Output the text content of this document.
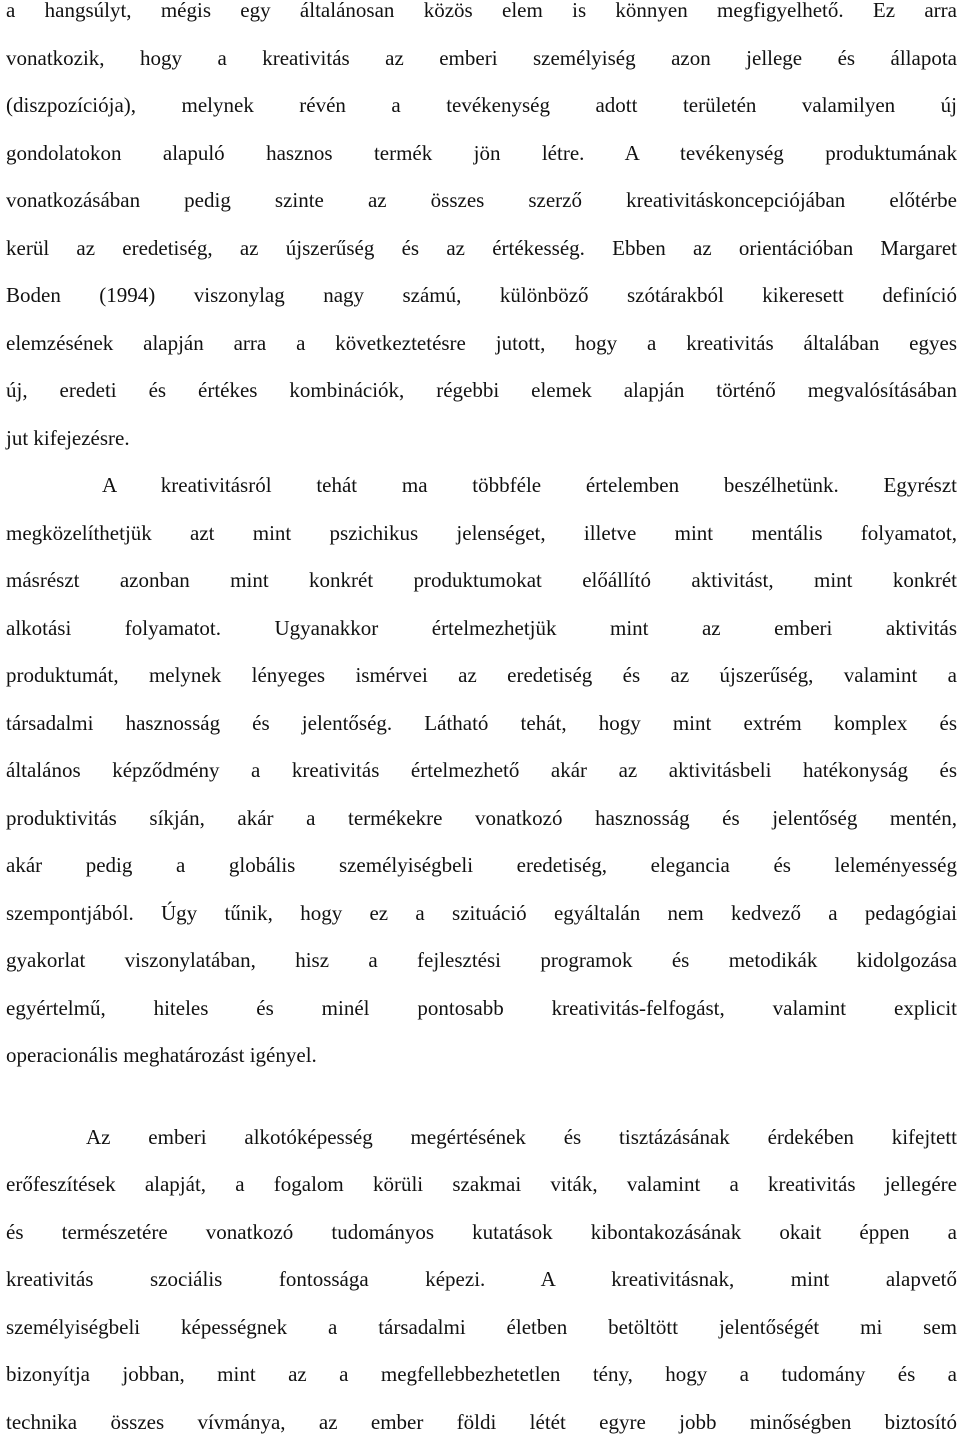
a hangsúlyt, mégis egy általánosan közös elem is könnyen megfigyelhető. Ez arra
vonatkozik, hogy a kreativitás az emberi személyiség azon jellege és állapota
(diszpozíciója), melynek révén a tevékenység adott területén valamilyen új
gondolatokon alapuló hasznos termék jön létre. A tevékenység produktumának
vonatkozásában pedig szinte az összes szerző kreativitáskoncepciójában előtérbe
kerül az eredetiség, az újszerűség és az értékesség. Ebben az orientációban Margaret
Boden (1994) viszonylag nagy számú, különböző szótárakból kikeresett definíció
elemzésének alapján arra a következtetésre jutott, hogy a kreativitás általában egyes
új, eredeti és értékes kombinációk, régebbi elemek alapján történő megvalósításában
jut kifejezésre.
A kreativitásról tehát ma többféle értelemben beszélhetünk. Egyrészt
megközelíthetjük azt mint pszichikus jelenséget, illetve mint mentális folyamatot,
másrészt azonban mint konkrét produktumokat előállító aktivitást, mint konkrét
alkotási folyamatot. Ugyanakkor értelmezhetjük mint az emberi aktivitás
produktumát, melynek lényeges ismérvei az eredetiség és az újszerűség, valamint a
társadalmi hasznosság és jelentőség. Látható tehát, hogy mint extrém komplex és
általános képződmény a kreativitás értelmezhető akár az aktivitásbeli hatékonyság és
produktivitás síkján, akár a termékekre vonatkozó hasznosság és jelentőség mentén,
akár pedig a globális személyiségbeli eredetiség, elegancia és leleményesség
szempontjából. Úgy tűnik, hogy ez a szituáció egyáltalán nem kedvező a pedagógiai
gyakorlat viszonylatában, hisz a fejlesztési programok és metodikák kidolgozása
egyértelmű, hiteles és minél pontosabb kreativitás-felfogást, valamint explicit
operacionális meghatározást igényel.
Az emberi alkotóképesség megértésének és tisztázásának érdekében kifejtett
erőfeszítések alapját, a fogalom körüli szakmai viták, valamint a kreativitás jellegére
és természetére vonatkozó tudományos kutatások kibontakozásának okait éppen a
kreativitás szociális fontossága képezi. A kreativitásnak, mint alapvető
személyiségbeli képességnek a társadalmi életben betöltött jelentőségét mi sem
bizonyítja jobban, mint az a megfellebbezhetetlen tény, hogy a tudomány és a
technika összes vívmánya, az ember földi létét egyre jobb minőségben biztosító
